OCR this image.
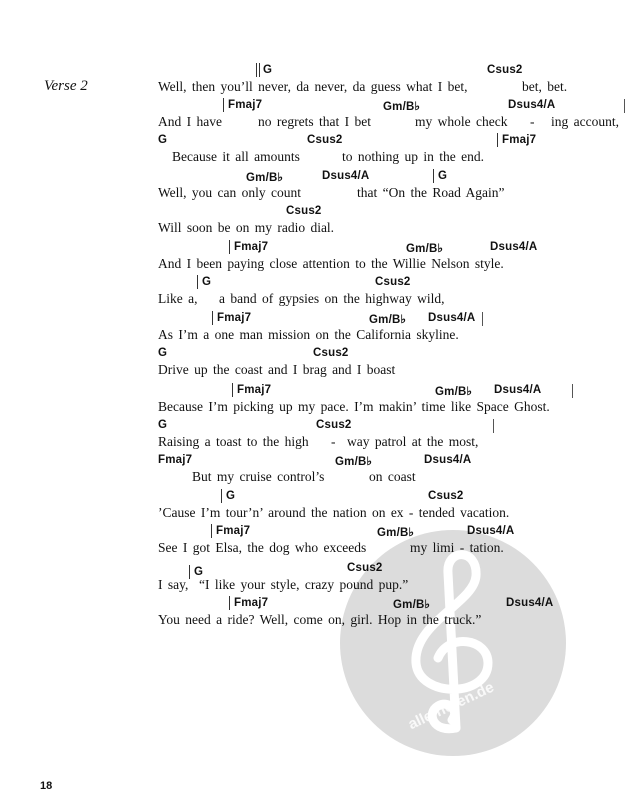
alle-noten.de
Verse 2
G	Csus2
Well, then you’ll never, da never, da guess what I bet,	bet, bet.
Fmaj7	Gm/B♭	Dsus4/A
And I have	no regrets that I bet	my whole check - ing account,
G	Csus2	Fmaj7
Because it all amounts	to nothing up in the end.
Gm/B♭	Dsus4/A	G
Well, you can only count	that “On the Road Again”
Csus2
Will soon be on my radio dial.
Fmaj7	Gm/B♭	Dsus4/A
And I been paying close attention to the Willie Nelson style.
G	Csus2
Like a, a band of gypsies on the highway wild,
Fmaj7	Gm/B♭ Dsus4/A
As I’m a one man mission on the California skyline.
G	Csus2
Drive up the coast and I brag and I boast
Fmaj7	Gm/B♭ Dsus4/A
Because I’m picking up my pace. I’m makin’ time like Space Ghost.
G	Csus2
Raising a toast to the high - way patrol at the most,
Fmaj7	Gm/B♭	Dsus4/A
But my cruise control’s	on coast
G	Csus2
’Cause I’m tour’n’ around the nation on ex - tended vacation.
Fmaj7	Gm/B♭	Dsus4/A
See I got Elsa, the dog who exceeds	my limi - tation.
G	Csus2
I say, “I like your style, crazy pound pup.”
Fmaj7	Gm/B♭	Dsus4/A
You need a ride? Well, come on, girl. Hop in the truck.”
18
